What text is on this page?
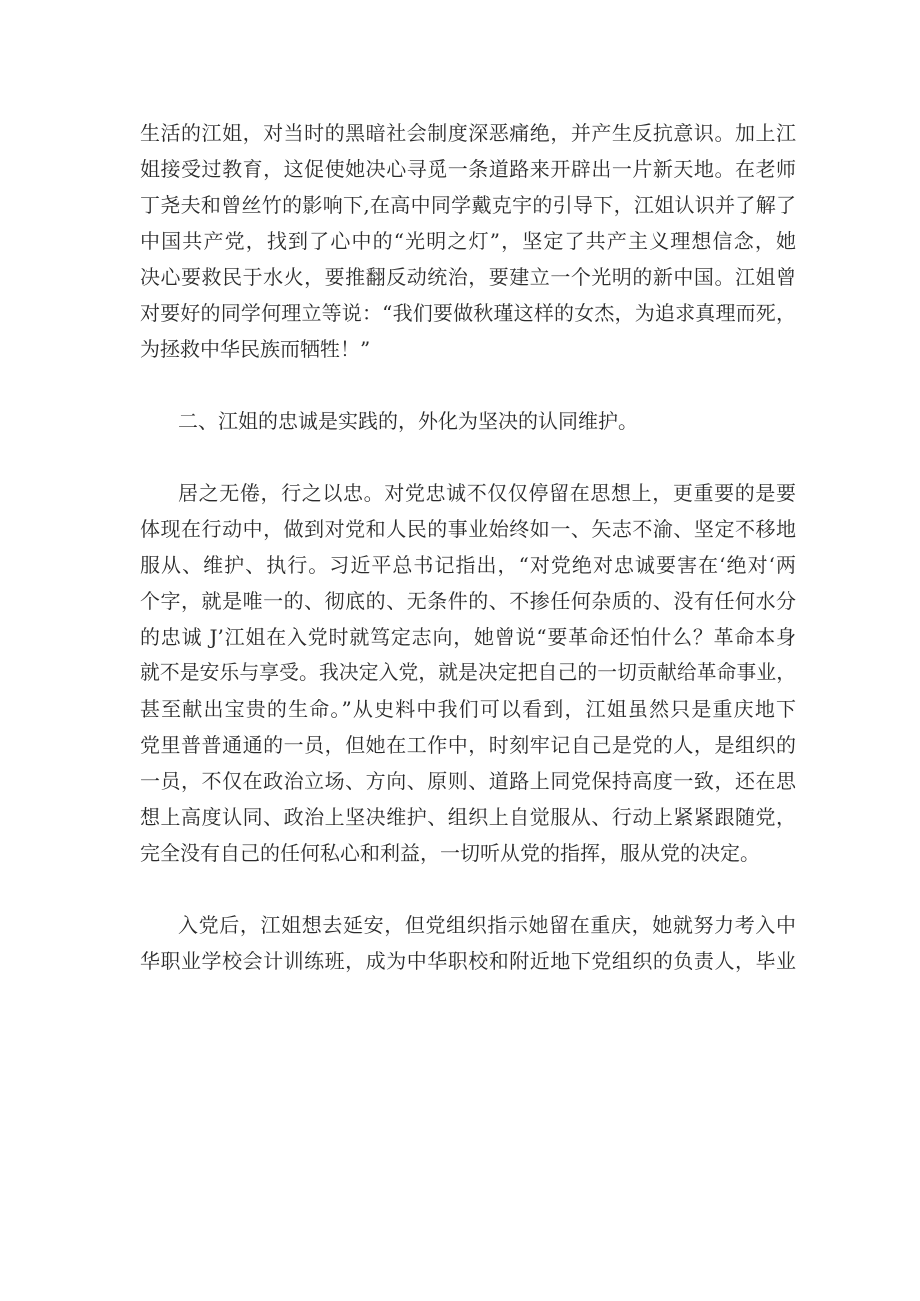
生活的江姐，对当时的黑暗社会制度深恶痛绝，并产生反抗意识。加上江
姐接受过教育，这促使她决心寻觅一条道路来开辟出一片新天地。在老师
丁尧夫和曾丝竹的影响下,在高中同学戴克宇的引导下，江姐认识并了解了
中国共产党，找到了心中的“光明之灯”，坚定了共产主义理想信念，她
决心要救民于水火，要推翻反动统治，要建立一个光明的新中国。江姐曾
对要好的同学何理立等说：“我们要做秋瑾这样的女杰，为追求真理而死，
为拯救中华民族而牺牲！”
二、江姐的忠诚是实践的，外化为坚决的认同维护。
居之无倦，行之以忠。对党忠诚不仅仅停留在思想上，更重要的是要
体现在行动中，做到对党和人民的事业始终如一、矢志不渝、坚定不移地
服从、维护、执行。习近平总书记指出，“对党绝对忠诚要害在‘绝对‘两
个字，就是唯一的、彻底的、无条件的、不掺任何杂质的、没有任何水分
的忠诚 J’江姐在入党时就笃定志向，她曾说“要革命还怕什么？革命本身
就不是安乐与享受。我决定入党，就是决定把自己的一切贡献给革命事业，
甚至献出宝贵的生命。”从史料中我们可以看到，江姐虽然只是重庆地下
党里普普通通的一员，但她在工作中，时刻牢记自己是党的人，是组织的
一员，不仅在政治立场、方向、原则、道路上同党保持高度一致，还在思
想上高度认同、政治上坚决维护、组织上自觉服从、行动上紧紧跟随党，
完全没有自己的任何私心和利益，一切听从党的指挥，服从党的决定。
入党后，江姐想去延安，但党组织指示她留在重庆，她就努力考入中
华职业学校会计训练班，成为中华职校和附近地下党组织的负责人，毕业
